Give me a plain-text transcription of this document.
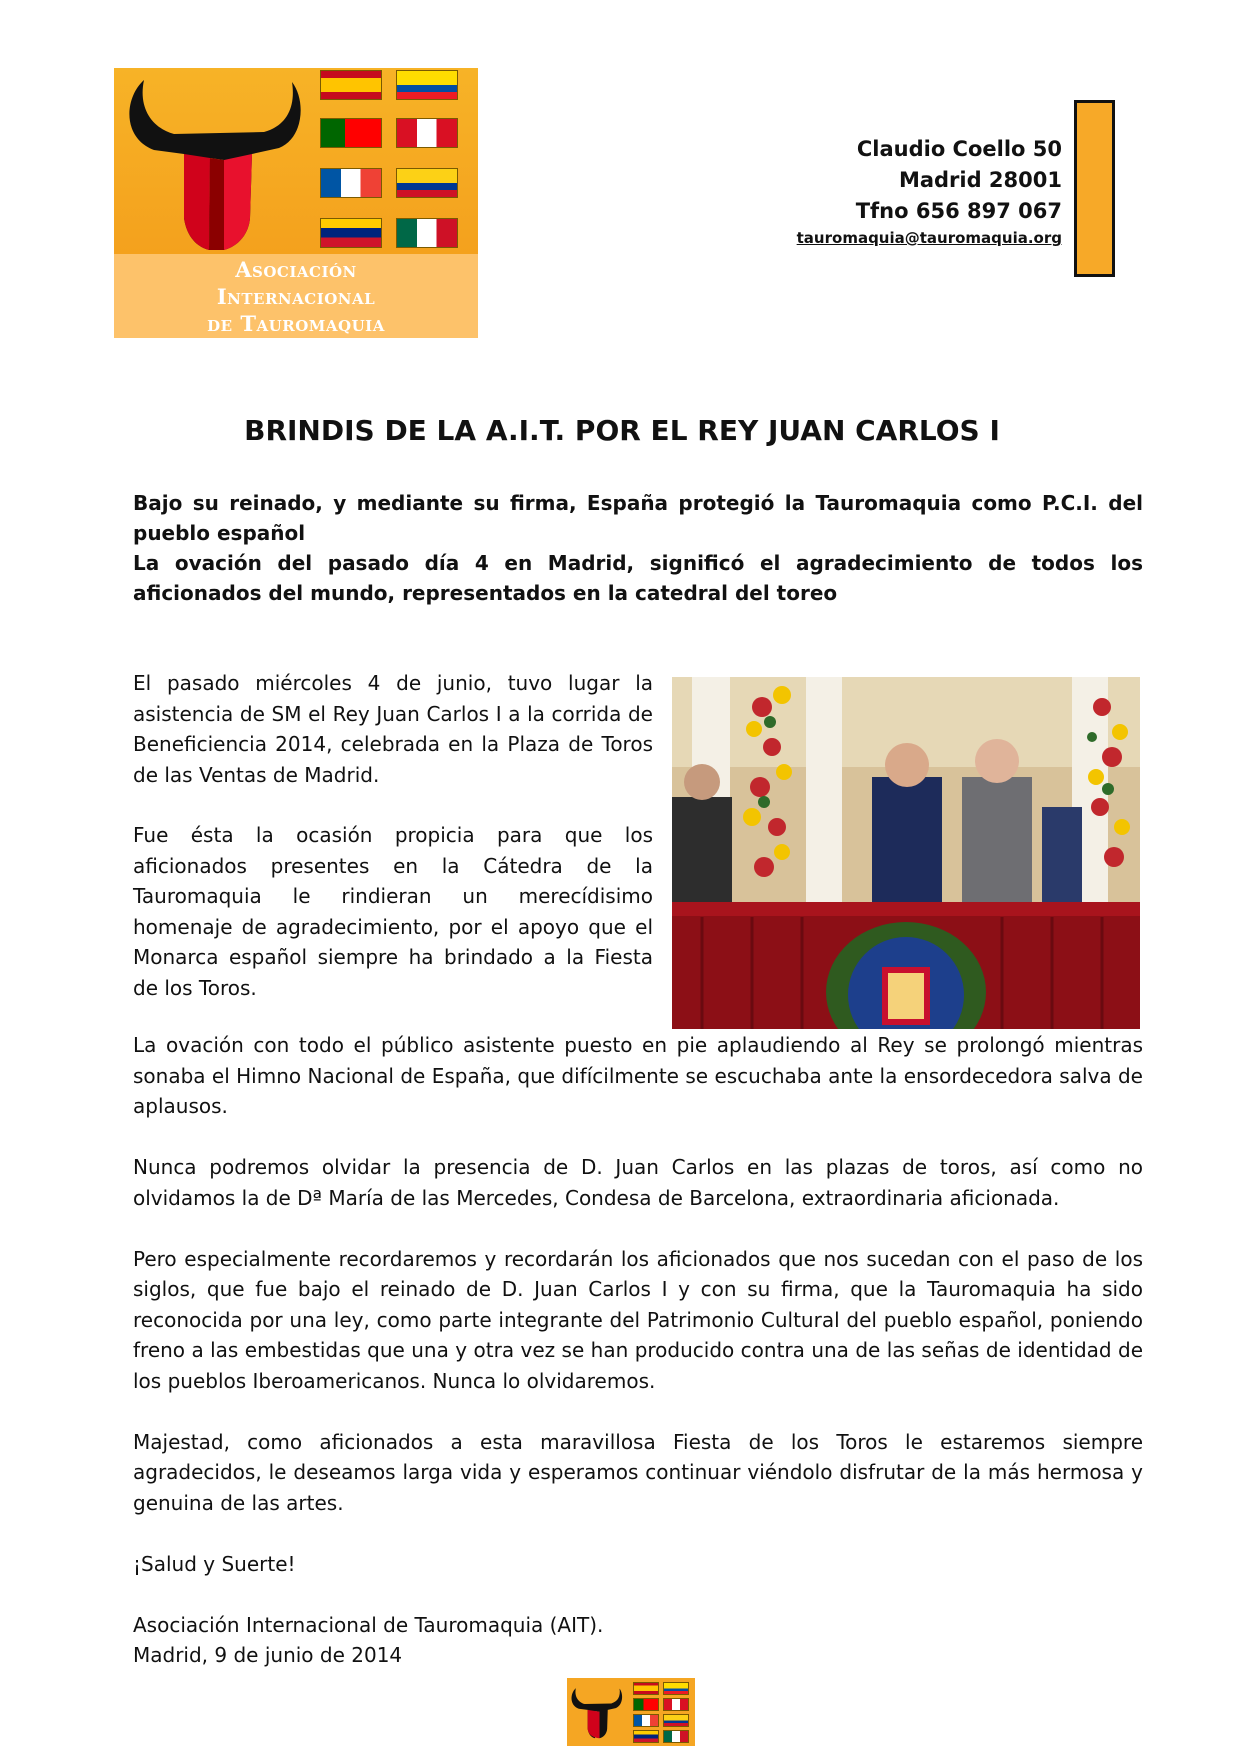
Asociación
Internacional
de Tauromaquia
Claudio Coello 50
Madrid 28001
Tfno 656 897 067
tauromaquia@tauromaquia.org
BRINDIS DE LA A.I.T. POR EL REY JUAN CARLOS I

Bajo su reinado, y mediante su firma, España protegió la Tauromaquia como P.C.I. del pueblo español

La ovación del pasado día 4 en Madrid, significó el agradecimiento de todos los aficionados del mundo, representados en la catedral del toreo

El pasado miércoles 4 de junio, tuvo lugar la asistencia de SM el Rey Juan Carlos I a la corrida de Beneficiencia 2014, celebrada en la Plaza de Toros de las Ventas de Madrid.

Fue ésta la ocasión propicia para que los aficionados presentes en la Cátedra de la Tauromaquia le rindieran un merecídisimo homenaje de agradecimiento, por el apoyo que el Monarca español siempre ha brindado a la Fiesta de los Toros.

La ovación con todo el público asistente puesto en pie aplaudiendo al Rey se prolongó mientras sonaba el Himno Nacional de España, que difícilmente se escuchaba ante la ensordecedora salva de aplausos.

Nunca podremos olvidar la presencia de D. Juan Carlos en las plazas de toros, así como no olvidamos la de Dª María de las Mercedes, Condesa de Barcelona, extraordinaria aficionada.

Pero especialmente recordaremos y recordarán los aficionados que nos sucedan con el paso de los siglos, que fue bajo el reinado de D. Juan Carlos I y con su firma, que la Tauromaquia ha sido reconocida por una ley, como parte integrante del Patrimonio Cultural del pueblo español, poniendo freno a las embestidas que una y otra vez se han producido contra una de las señas de identidad de los pueblos Iberoamericanos. Nunca lo olvidaremos.

Majestad, como aficionados a esta maravillosa Fiesta de los Toros le estaremos siempre agradecidos, le deseamos larga vida y esperamos continuar viéndolo disfrutar de la más hermosa y genuina de las artes.

¡Salud y Suerte!

Asociación Internacional de Tauromaquia (AIT).

Madrid, 9 de junio de 2014
